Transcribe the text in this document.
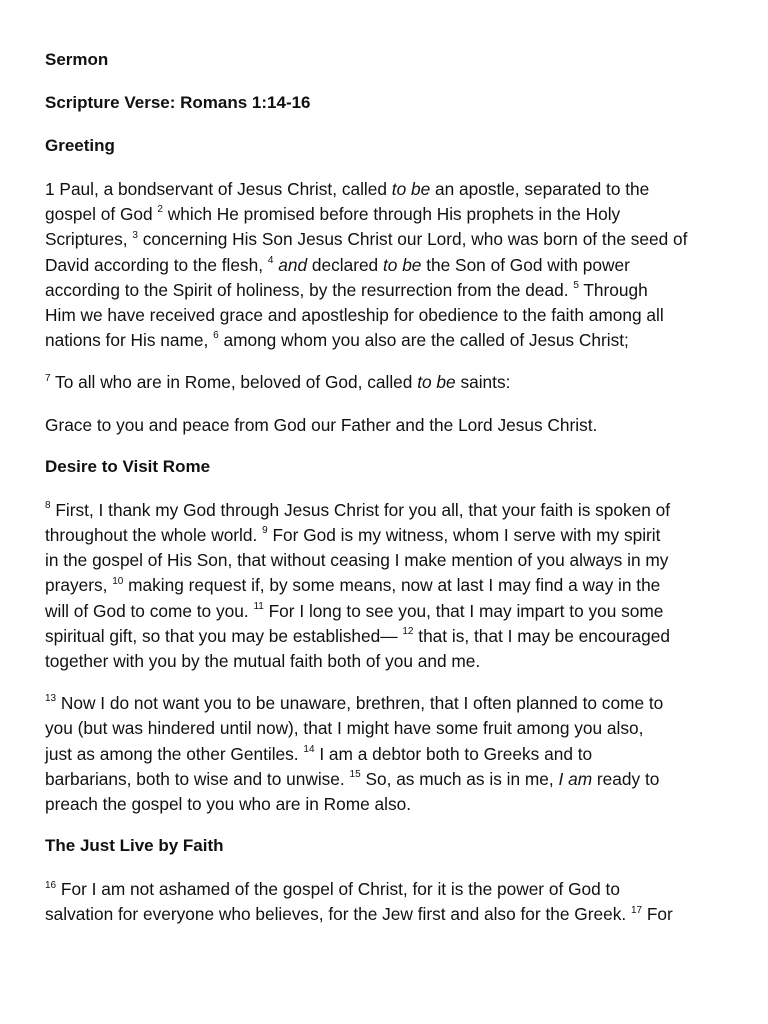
Sermon
Scripture Verse: Romans 1:14-16
Greeting
1 Paul, a bondservant of Jesus Christ, called to be an apostle, separated to the
gospel of God $^2$ which He promised before through His prophets in the Holy
Scriptures, $^3$ concerning His Son Jesus Christ our Lord, who was born of the seed of
David according to the flesh, $^4$ and declared to be the Son of God with power
according to the Spirit of holiness, by the resurrection from the dead. $^5$ Through
Him we have received grace and apostleship for obedience to the faith among all
nations for His name, $^6$ among whom you also are the called of Jesus Christ;
$^7$ To all who are in Rome, beloved of God, called to be saints:
Grace to you and peace from God our Father and the Lord Jesus Christ.
Desire to Visit Rome
$^8$ First, I thank my God through Jesus Christ for you all, that your faith is spoken of
throughout the whole world. $^9$ For God is my witness, whom I serve with my spirit
in the gospel of His Son, that without ceasing I make mention of you always in my
prayers, $^{10}$ making request if, by some means, now at last I may find a way in the
will of God to come to you. $^{11}$ For I long to see you, that I may impart to you some
spiritual gift, so that you may be established— $^{12}$ that is, that I may be encouraged
together with you by the mutual faith both of you and me.
$^{13}$ Now I do not want you to be unaware, brethren, that I often planned to come to
you (but was hindered until now), that I might have some fruit among you also,
just as among the other Gentiles. $^{14}$ I am a debtor both to Greeks and to
barbarians, both to wise and to unwise. $^{15}$ So, as much as is in me, I am ready to
preach the gospel to you who are in Rome also.
The Just Live by Faith
$^{16}$ For I am not ashamed of the gospel of Christ, for it is the power of God to
salvation for everyone who believes, for the Jew first and also for the Greek. $^{17}$ For
